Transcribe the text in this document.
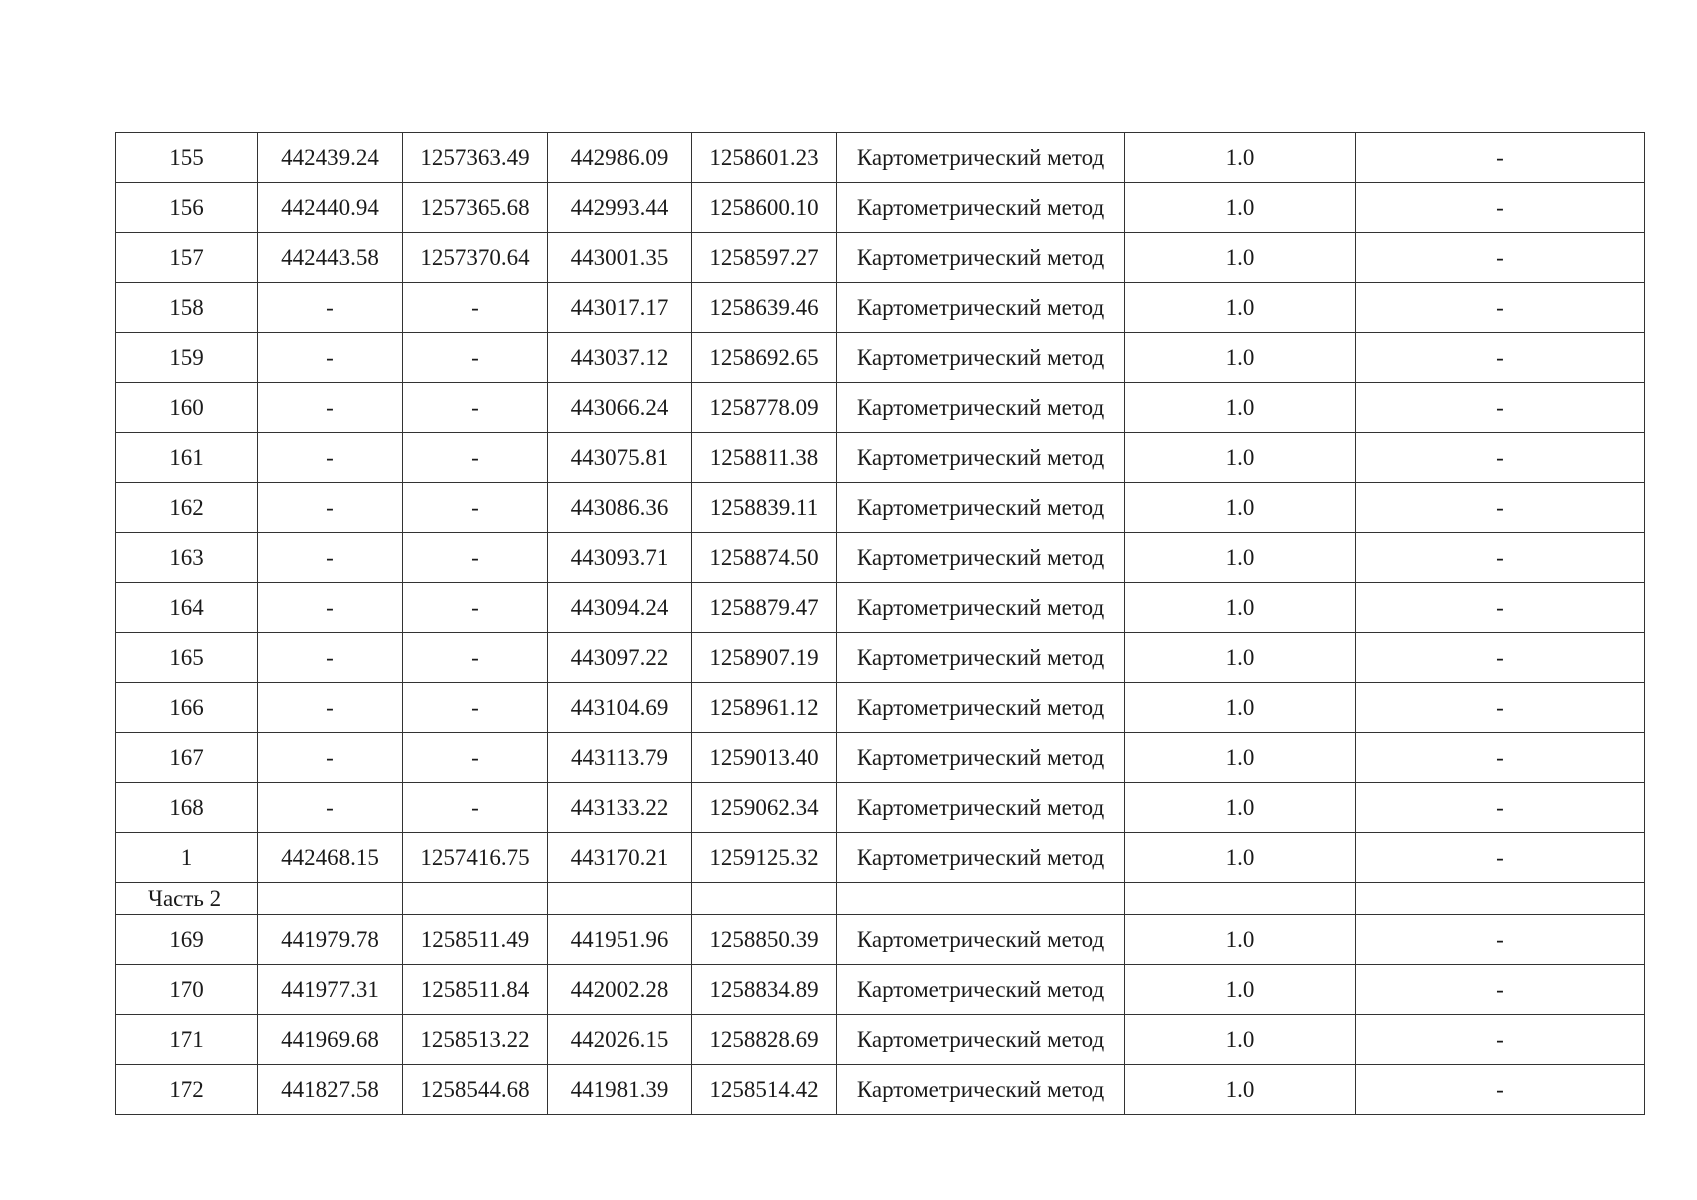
155	442439.24	1257363.49	442986.09	1258601.23	Картометрический метод	1.0	-
156	442440.94	1257365.68	442993.44	1258600.10	Картометрический метод	1.0	-
157	442443.58	1257370.64	443001.35	1258597.27	Картометрический метод	1.0	-
158	-	-	443017.17	1258639.46	Картометрический метод	1.0	-
159	-	-	443037.12	1258692.65	Картометрический метод	1.0	-
160	-	-	443066.24	1258778.09	Картометрический метод	1.0	-
161	-	-	443075.81	1258811.38	Картометрический метод	1.0	-
162	-	-	443086.36	1258839.11	Картометрический метод	1.0	-
163	-	-	443093.71	1258874.50	Картометрический метод	1.0	-
164	-	-	443094.24	1258879.47	Картометрический метод	1.0	-
165	-	-	443097.22	1258907.19	Картометрический метод	1.0	-
166	-	-	443104.69	1258961.12	Картометрический метод	1.0	-
167	-	-	443113.79	1259013.40	Картометрический метод	1.0	-
168	-	-	443133.22	1259062.34	Картометрический метод	1.0	-
1	442468.15	1257416.75	443170.21	1259125.32	Картометрический метод	1.0	-
Часть 2							
169	441979.78	1258511.49	441951.96	1258850.39	Картометрический метод	1.0	-
170	441977.31	1258511.84	442002.28	1258834.89	Картометрический метод	1.0	-
171	441969.68	1258513.22	442026.15	1258828.69	Картометрический метод	1.0	-
172	441827.58	1258544.68	441981.39	1258514.42	Картометрический метод	1.0	-
